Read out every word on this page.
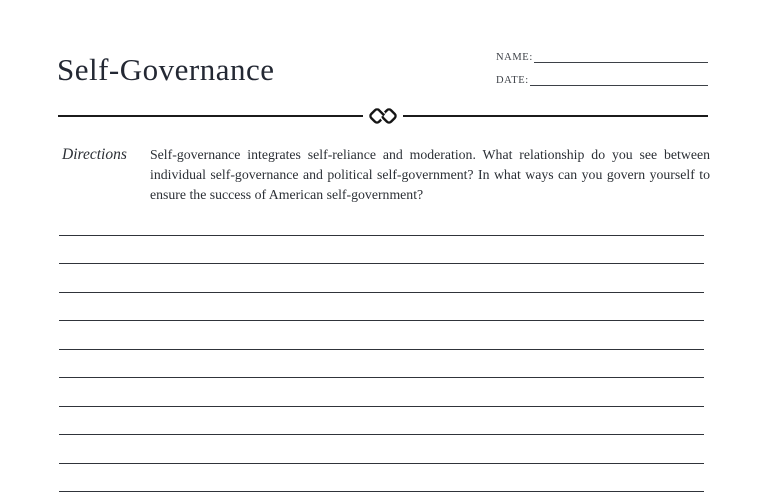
Self-Governance	NAME:
DATE:
Directions	Self-governance integrates self-reliance and moderation. What relationship do you see between individual self-governance and political self-government? In what ways can you govern yourself to ensure the success of American self-government?
